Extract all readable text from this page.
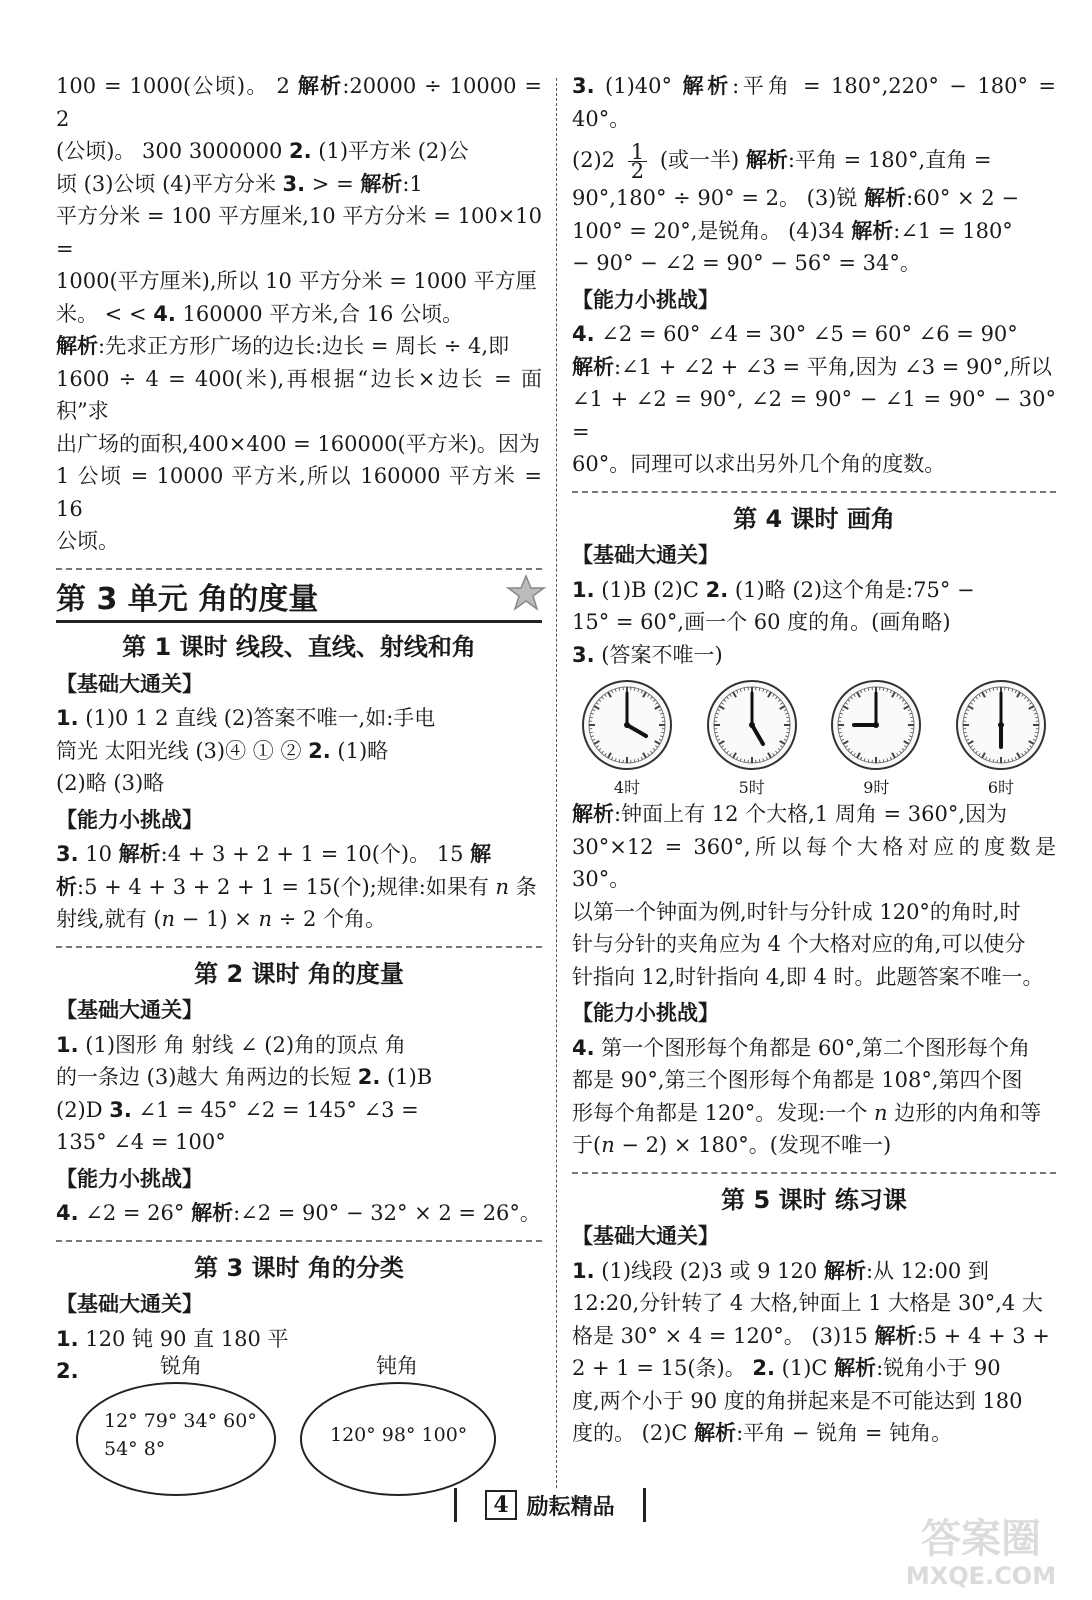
100 = 1000(公顷)。 2 解析:20000 ÷ 10000 = 2

(公顷)。 300 3000000 2. (1)平方米 (2)公

顷 (3)公顷 (4)平方分米 3. > = 解析:1

平方分米 = 100 平方厘米,10 平方分米 = 100×10 =

1000(平方厘米),所以 10 平方分米 = 1000 平方厘

米。 < < 4. 160000 平方米,合 16 公顷。

解析:先求正方形广场的边长:边长 = 周长 ÷ 4,即

1600 ÷ 4 = 400(米),再根据“边长×边长 = 面积”求

出广场的面积,400×400 = 160000(平方米)。因为

1 公顷 = 10000 平方米,所以 160000 平方米 = 16

公顷。

第 3 单元 角的度量
第 1 课时 线段、直线、射线和角
【基础大通关】

1. (1)0 1 2 直线 (2)答案不唯一,如:手电

筒光 太阳光线 (3)④ ① ② 2. (1)略

(2)略 (3)略

【能力小挑战】

3. 10 解析:4 + 3 + 2 + 1 = 10(个)。 15 解

析:5 + 4 + 3 + 2 + 1 = 15(个);规律:如果有 n 条

射线,就有 (n − 1) × n ÷ 2 个角。

第 2 课时 角的度量
【基础大通关】

1. (1)图形 角 射线 ∠ (2)角的顶点 角

的一条边 (3)越大 角两边的长短 2. (1)B

(2)D 3. ∠1 = 45° ∠2 = 145° ∠3 =

135° ∠4 = 100°

【能力小挑战】

4. ∠2 = 26° 解析:∠2 = 90° − 32° × 2 = 26°。

第 3 课时 角的分类
【基础大通关】

1. 120 钝 90 直 180 平

2.	锐角
12° 79° 34° 60°
54° 8°
钝角
120° 98° 100°

3. (1)40° 解析:平角 = 180°,220° − 180° = 40°。

$(2)2 \frac{1}{2}$ (或一半) 解析:平角 = 180°,直角 =

90°,180° ÷ 90° = 2。 (3)锐 解析:60° × 2 −

100° = 20°,是锐角。 (4)34 解析:∠1 = 180°

− 90° − ∠2 = 90° − 56° = 34°。

【能力小挑战】

4. ∠2 = 60° ∠4 = 30° ∠5 = 60° ∠6 = 90°

解析:∠1 + ∠2 + ∠3 = 平角,因为 ∠3 = 90°,所以

∠1 + ∠2 = 90°, ∠2 = 90° − ∠1 = 90° − 30° =

60°。同理可以求出另外几个角的度数。

第 4 课时 画角
【基础大通关】

1. (1)B (2)C 2. (1)略 (2)这个角是:75° −

15° = 60°,画一个 60 度的角。(画角略)

3. (答案不唯一)

4时	5时	9时	6时

解析:钟面上有 12 个大格,1 周角 = 360°,因为

30°×12 = 360°,所以每个大格对应的度数是 30°。

以第一个钟面为例,时针与分针成 120°的角时,时

针与分针的夹角应为 4 个大格对应的角,可以使分

针指向 12,时针指向 4,即 4 时。此题答案不唯一。

【能力小挑战】

4. 第一个图形每个角都是 60°,第二个图形每个角

都是 90°,第三个图形每个角都是 108°,第四个图

形每个角都是 120°。发现:一个 n 边形的内角和等

于(n − 2) × 180°。(发现不唯一)

第 5 课时 练习课
【基础大通关】

1. (1)线段 (2)3 或 9 120 解析:从 12:00 到

12:20,分针转了 4 大格,钟面上 1 大格是 30°,4 大

格是 30° × 4 = 120°。 (3)15 解析:5 + 4 + 3 +

2 + 1 = 15(条)。 2. (1)C 解析:锐角小于 90

度,两个小于 90 度的角拼起来是不可能达到 180

度的。 (2)C 解析:平角 − 锐角 = 钝角。

4 励耘精品
答案圈
MXQE.COM
